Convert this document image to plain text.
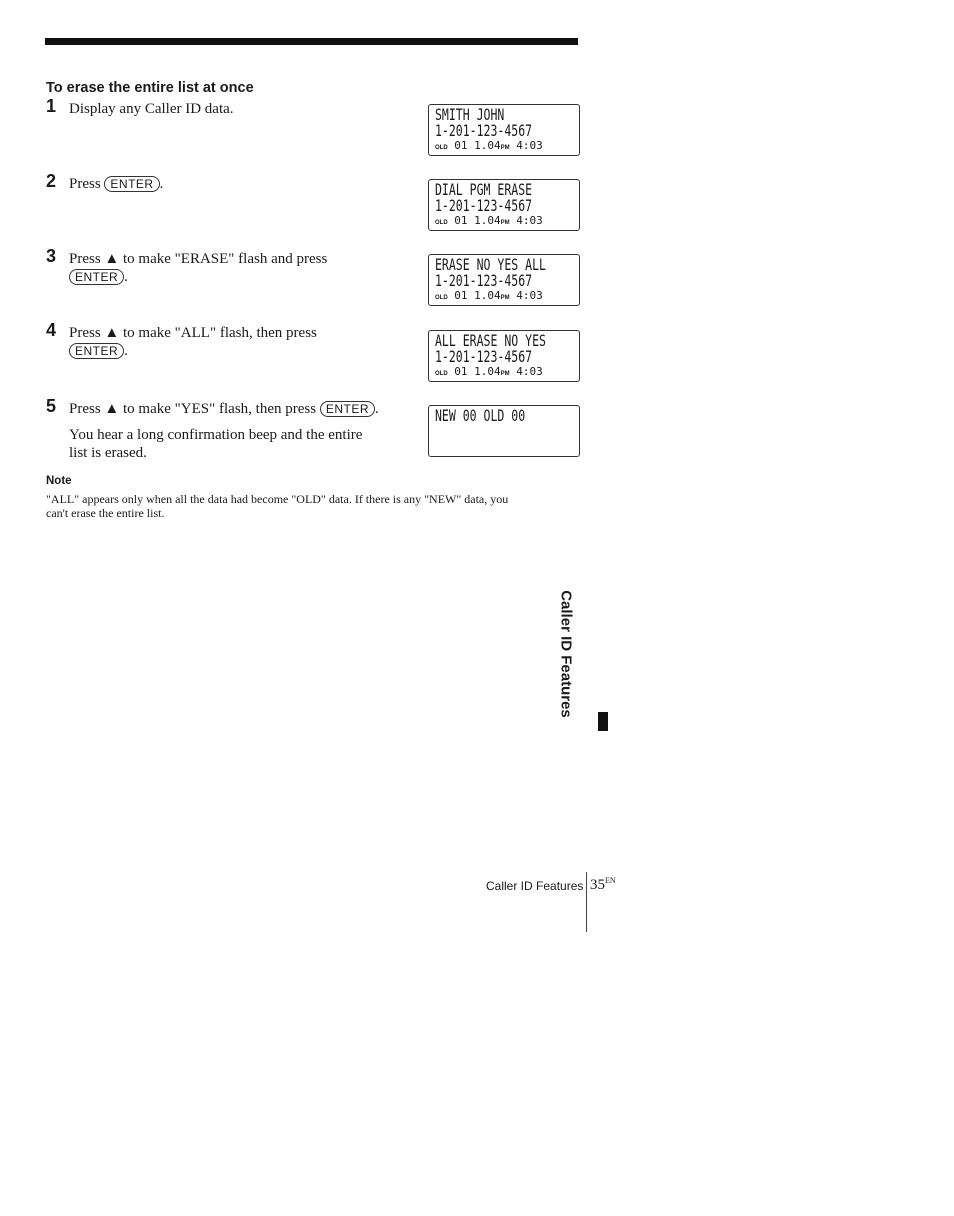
To erase the entire list at once
1 Display any Caller ID data.
2 Press ENTER .
3 Press ▲ to make "ERASE" flash and press ENTER .
4 Press ▲ to make "ALL" flash, then press ENTER .
5 Press ▲ to make "YES" flash, then press ENTER .
You hear a long confirmation beep and the entire list is erased.
SMITH JOHN
1-201-123-4567
OLD 01 1.04PM 4:03
DIAL PGM ERASE
1-201-123-4567
OLD 01 1.04PM 4:03
ERASE NO YES ALL
1-201-123-4567
OLD 01 1.04PM 4:03
ALL ERASE NO YES
1-201-123-4567
OLD 01 1.04PM 4:03
NEW 00 OLD 00
Note
"ALL" appears only when all the data had become "OLD" data. If there is any "NEW" data, you can't erase the entire list.
Caller ID Features
Caller ID Features $35^{EN}$
